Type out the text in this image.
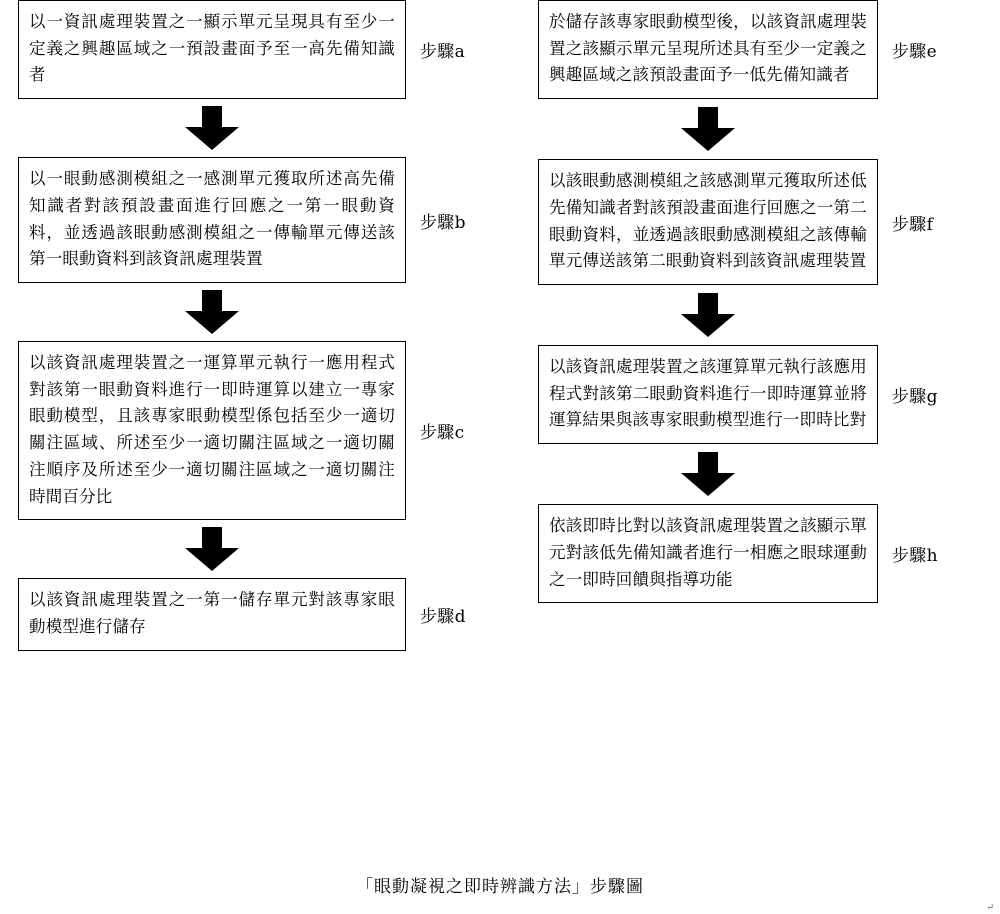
以一資訊處理裝置之一顯示單元呈現具有至少一定義之興趣區域之一預設畫面予至一高先備知識者
步驟a
以一眼動感測模組之一感測單元獲取所述高先備知識者對該預設畫面進行回應之一第一眼動資料，並透過該眼動感測模組之一傳輸單元傳送該第一眼動資料到該資訊處理裝置
步驟b
以該資訊處理裝置之一運算單元執行一應用程式對該第一眼動資料進行一即時運算以建立一專家眼動模型，且該專家眼動模型係包括至少一適切關注區域、所述至少一適切關注區域之一適切關注順序及所述至少一適切關注區域之一適切關注時間百分比
步驟c
以該資訊處理裝置之一第一儲存單元對該專家眼動模型進行儲存	步驟d
於儲存該專家眼動模型後，以該資訊處理裝置之該顯示單元呈現所述具有至少一定義之興趣區域之該預設畫面予一低先備知識者
步驟e
以該眼動感測模組之該感測單元獲取所述低先備知識者對該預設畫面進行回應之一第二眼動資料，並透過該眼動感測模組之該傳輸單元傳送該第二眼動資料到該資訊處理裝置
步驟f
以該資訊處理裝置之該運算單元執行該應用程式對該第二眼動資料進行一即時運算並將運算結果與該專家眼動模型進行一即時比對
步驟g
依該即時比對以該資訊處理裝置之該顯示單元對該低先備知識者進行一相應之眼球運動之一即時回饋與指導功能
步驟h
「眼動凝視之即時辨識方法」步驟圖
↵
